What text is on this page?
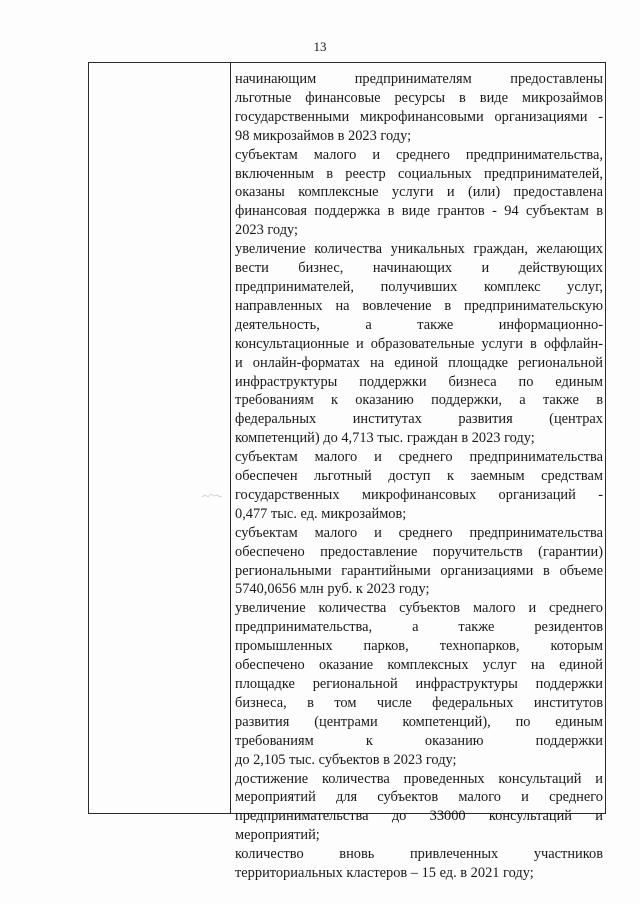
13
начинающим предпринимателям предоставлены
льготные финансовые ресурсы в виде микрозаймов
государственными микрофинансовыми организациями -
98 микрозаймов в 2023 году;
субъектам малого и среднего предпринимательства,
включенным в реестр социальных предпринимателей,
оказаны комплексные услуги и (или) предоставлена
финансовая поддержка в виде грантов - 94 субъектам в
2023 году;
увеличение количества уникальных граждан, желающих
вести бизнес, начинающих и действующих
предпринимателей, получивших комплекс услуг,
направленных на вовлечение в предпринимательскую
деятельность, а также информационно-
консультационные и образовательные услуги в оффлайн-
и онлайн-форматах на единой площадке региональной
инфраструктуры поддержки бизнеса по единым
требованиям к оказанию поддержки, а также в
федеральных институтах развития (центрах
компетенций) до 4,713 тыс. граждан в 2023 году;
субъектам малого и среднего предпринимательства
обеспечен льготный доступ к заемным средствам
государственных микрофинансовых организаций -
0,477 тыс. ед. микрозаймов;
субъектам малого и среднего предпринимательства
обеспечено предоставление поручительств (гарантии)
региональными гарантийными организациями в объеме
5740,0656 млн руб. к 2023 году;
увеличение количества субъектов малого и среднего
предпринимательства, а также резидентов
промышленных парков, технопарков, которым
обеспечено оказание комплексных услуг на единой
площадке региональной инфраструктуры поддержки
бизнеса, в том числе федеральных институтов
развития (центрами компетенций), по единым
требованиям к оказанию поддержки
до 2,105 тыс. субъектов в 2023 году;
достижение количества проведенных консультаций и
мероприятий для субъектов малого и среднего
предпринимательства до 33000 консультаций и
мероприятий;
количество вновь привлеченных участников
территориальных кластеров – 15 ед. в 2021 году;
